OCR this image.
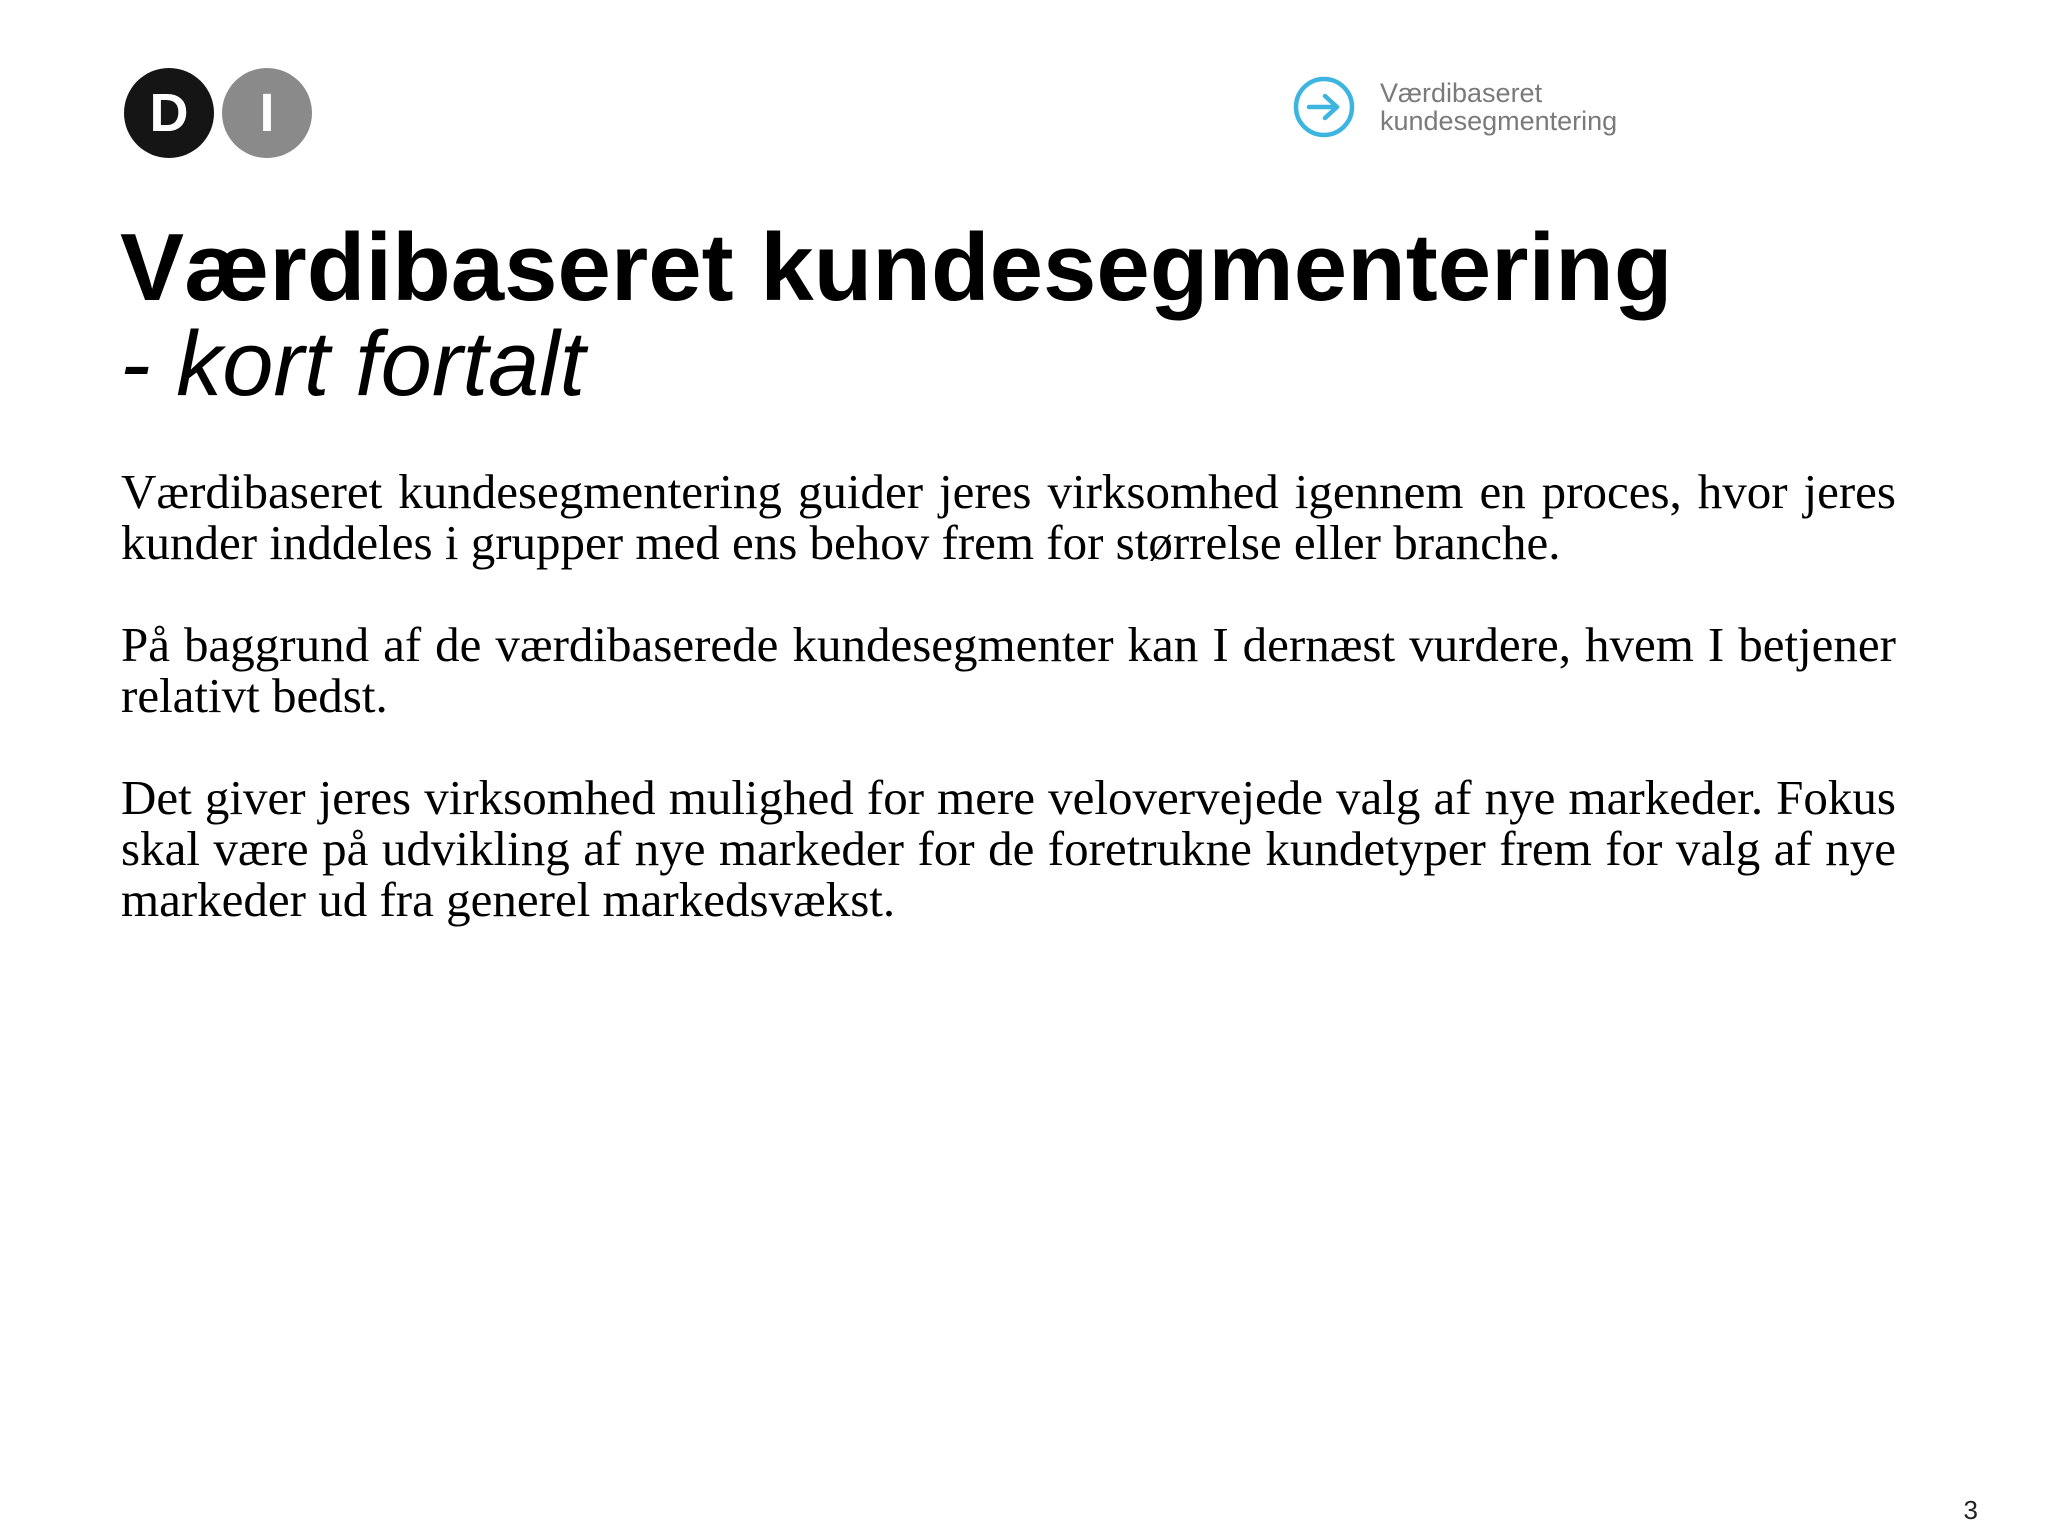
D	I	Værdibaseret
kundesegmentering
Værdibaseret kundesegmentering
- kort fortalt

Værdibaseret kundesegmentering guider jeres virksomhed igennem en proces, hvor jeres kunder inddeles i grupper med ens behov frem for størrelse eller branche.

På baggrund af de værdibaserede kundesegmenter kan I dernæst vurdere, hvem I betjener relativt bedst.

Det giver jeres virksomhed mulighed for mere velovervejede valg af nye markeder. Fokus skal være på udvikling af nye markeder for de foretrukne kundetyper frem for valg af nye markeder ud fra generel markedsvækst.

3
